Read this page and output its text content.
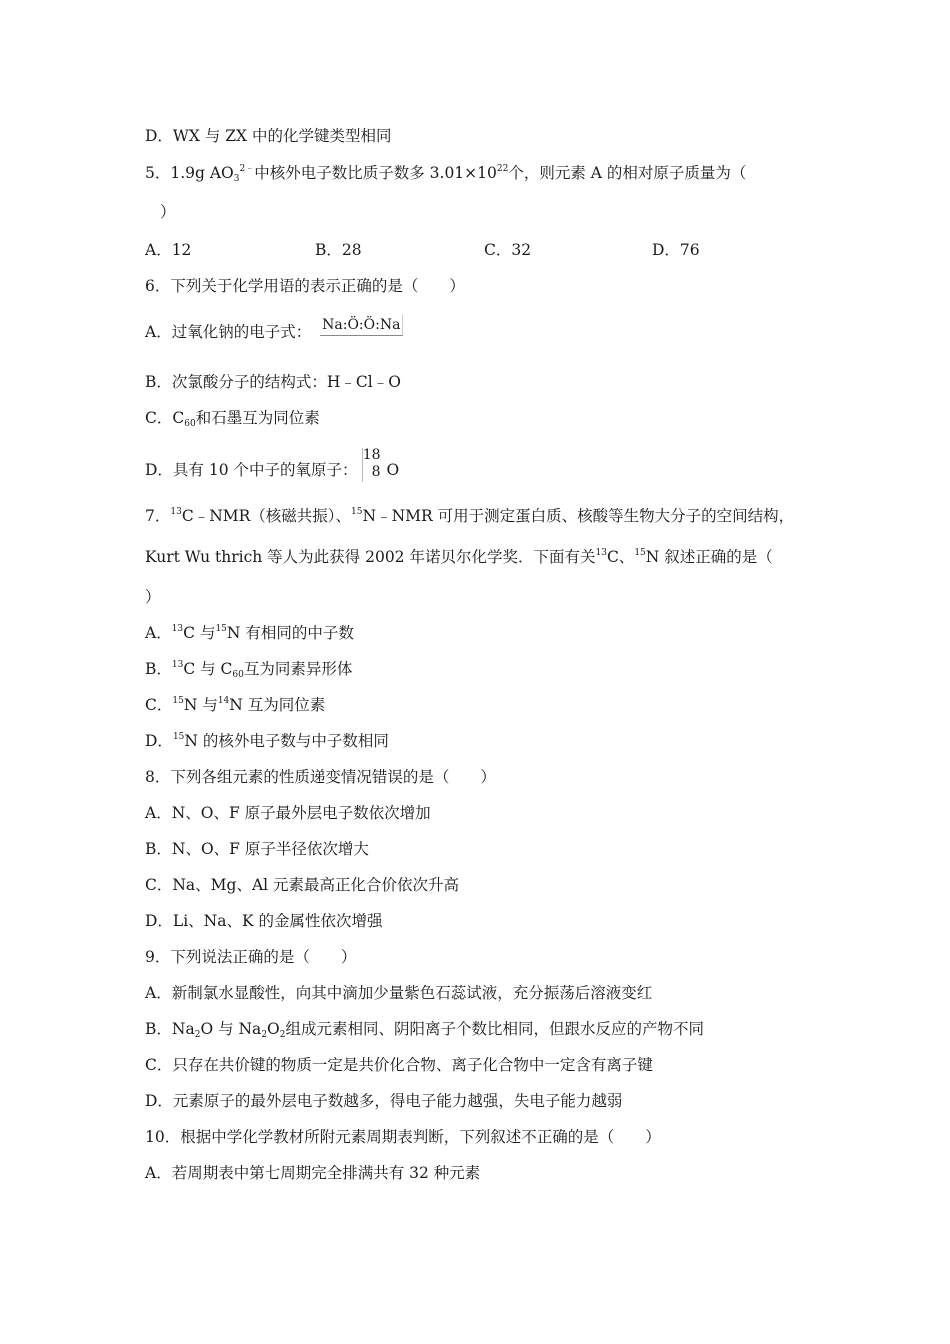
D．WX 与 ZX 中的化学键类型相同
5．1.9g $AO_3^{2﹣}$中核外电子数比质子数多 $3.01\times 10^{22}$个，则元素 A 的相对原子质量为（
）
A．12	B．28	C．32	D．76
6．下列关于化学用语的表示正确的是（　　）
A．过氧化钠的电子式： Na:Ö:Ö:Na
B．次氯酸分子的结构式：H﹣Cl﹣O
C．$C_{60}$和石墨互为同位素
D．具有 10 个中子的氧原子：
18
8 O
7．$^{13}$C﹣NMR（核磁共振）、$^{15}$N﹣NMR 可用于测定蛋白质、核酸等生物大分子的空间结构，
Kurt Wu thrich 等人为此获得 2002 年诺贝尔化学奖．下面有关$^{13}$C、$^{15}$N 叙述正确的是（
）
A．$^{13}$C 与$^{15}$N 有相同的中子数
B．$^{13}$C 与 $C_{60}$互为同素异形体
C．$^{15}$N 与$^{14}$N 互为同位素
D．$^{15}$N 的核外电子数与中子数相同
8．下列各组元素的性质递变情况错误的是（　　）
A．N、O、F 原子最外层电子数依次增加
B．N、O、F 原子半径依次增大
C．Na、Mg、Al 元素最高正化合价依次升高
D．Li、Na、K 的金属性依次增强
9．下列说法正确的是（　　）
A．新制氯水显酸性，向其中滴加少量紫色石蕊试液，充分振荡后溶液变红
B．$Na_2O$ 与 $Na_2O_2$组成元素相同、阴阳离子个数比相同，但跟水反应的产物不同
C．只存在共价键的物质一定是共价化合物、离子化合物中一定含有离子键
D．元素原子的最外层电子数越多，得电子能力越强，失电子能力越弱
10．根据中学化学教材所附元素周期表判断，下列叙述不正确的是（　　）
A．若周期表中第七周期完全排满共有 32 种元素
